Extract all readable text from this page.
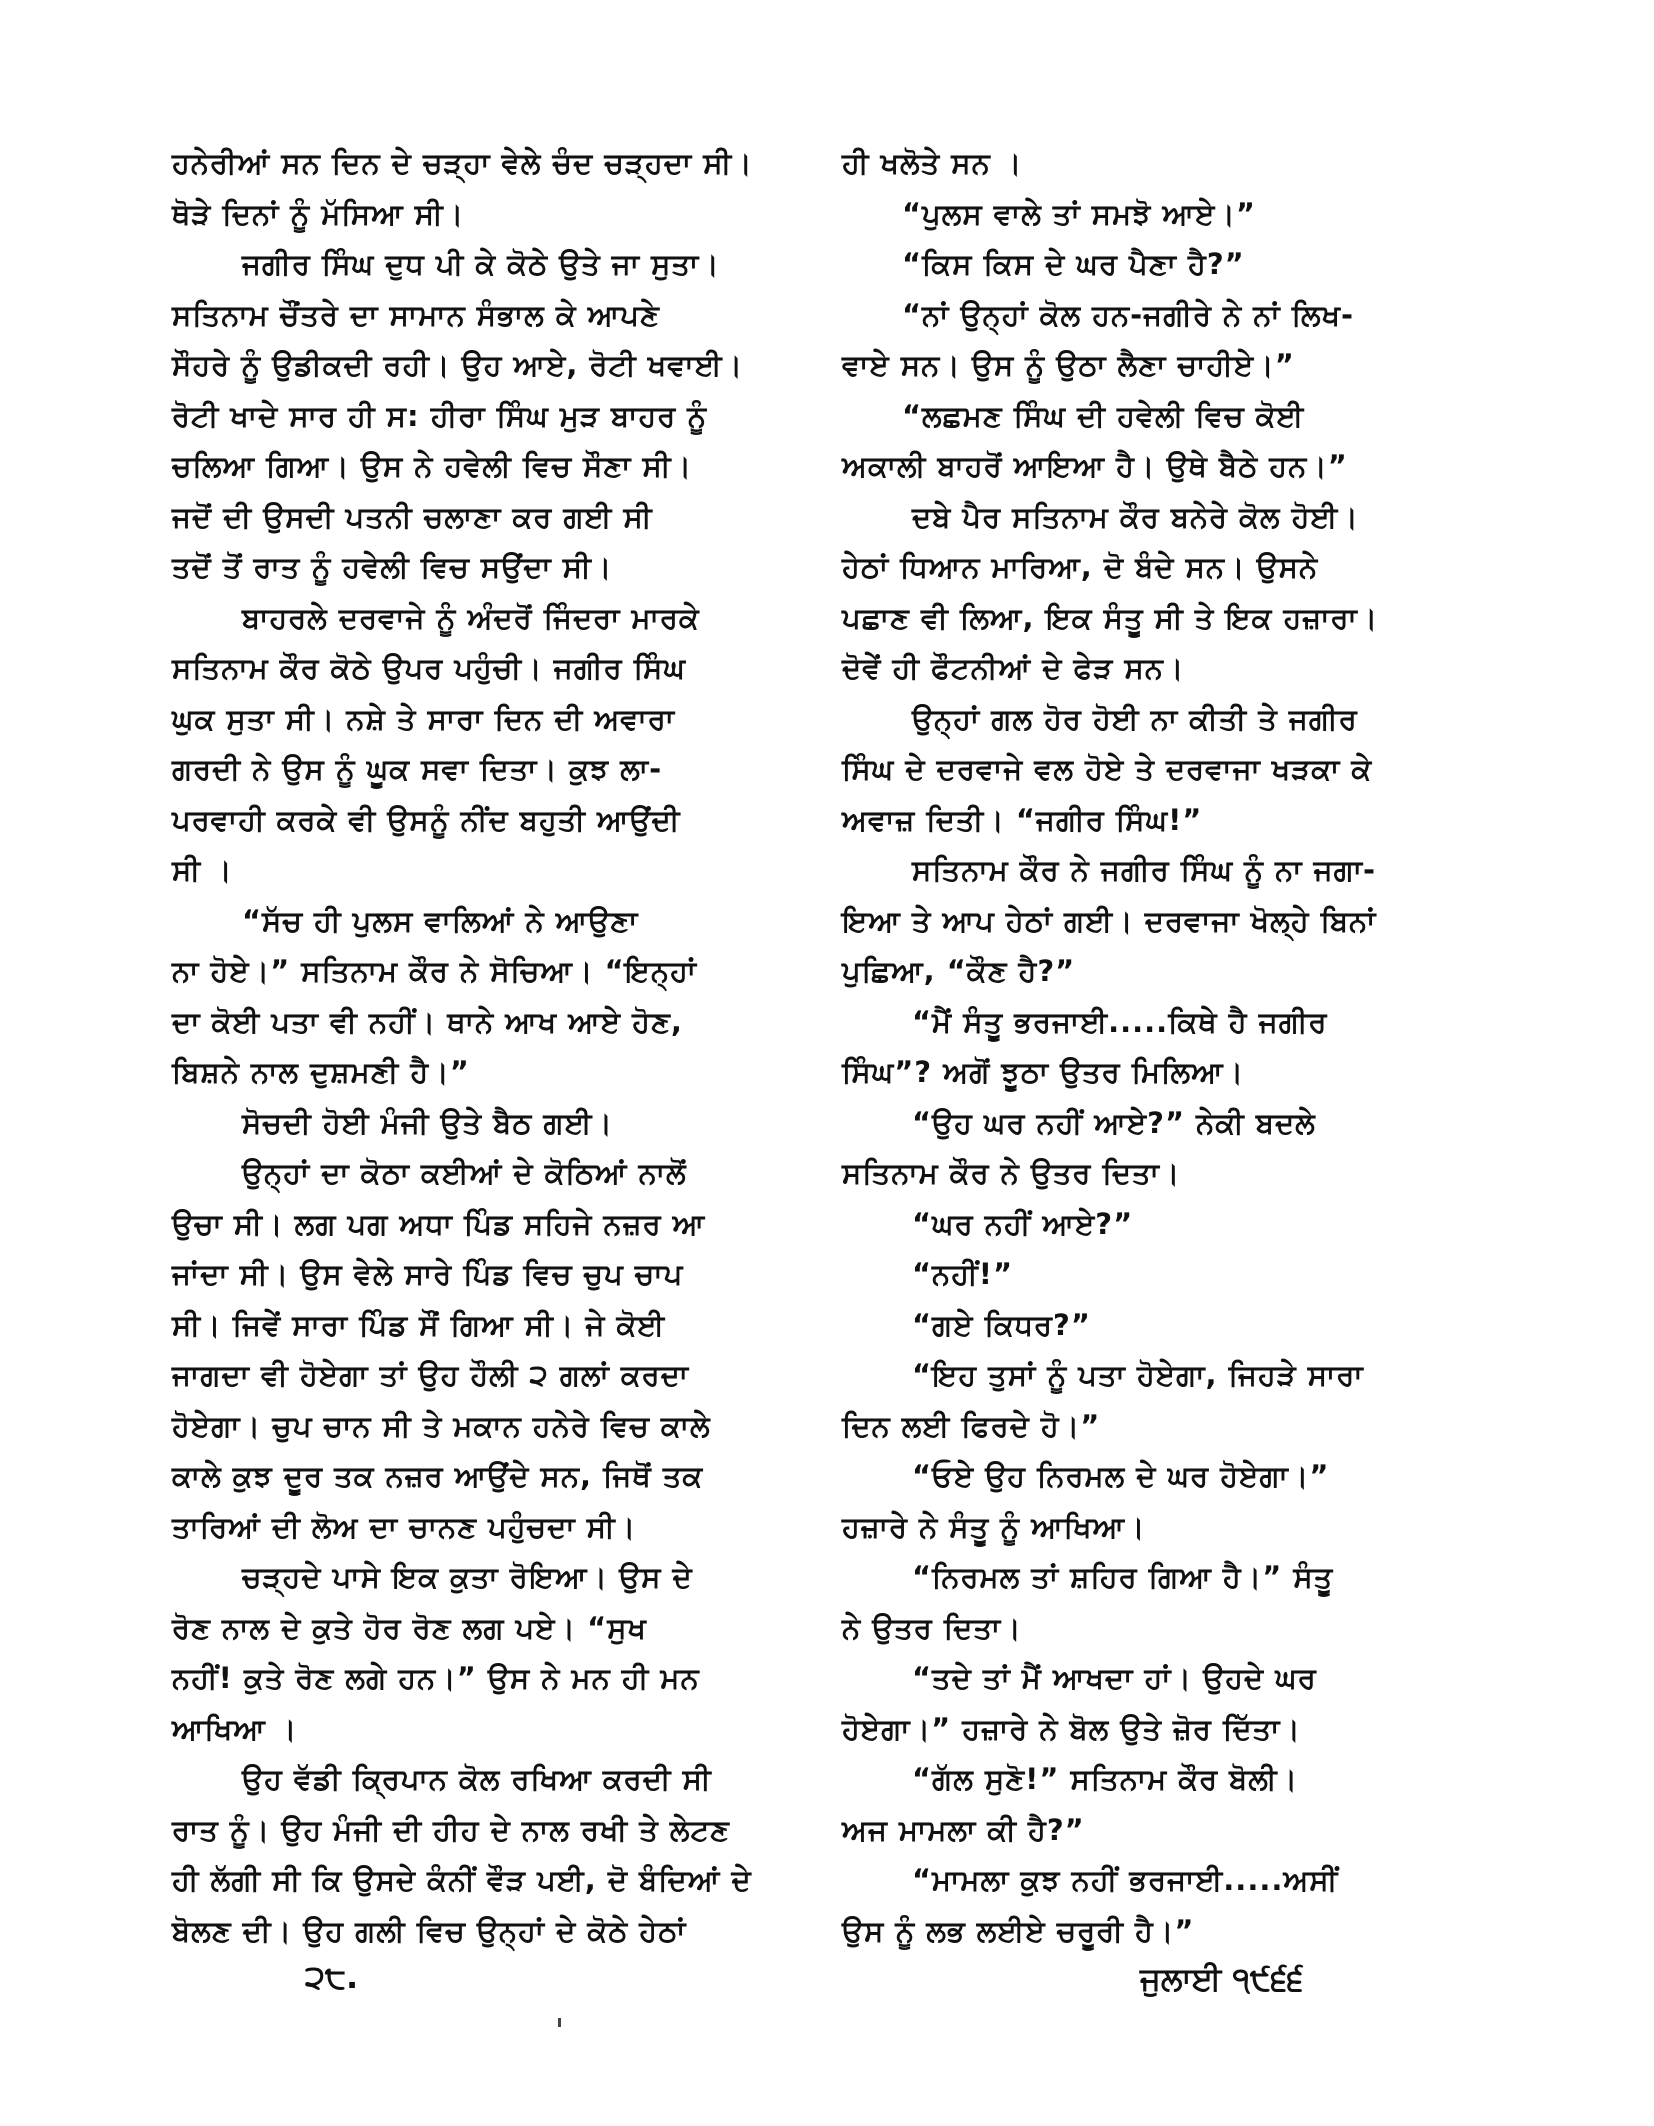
ਹਨੇਰੀਆਂ ਸਨ ਦਿਨ ਦੇ ਚੜ੍ਹਾ ਵੇਲੇ ਚੰਦ ਚੜ੍ਹਦਾ ਸੀ।
ਥੋੜੇ ਦਿਨਾਂ ਨੂੰ ਮੱਸਿਆ ਸੀ।
ਜਗੀਰ ਸਿੰਘ ਦੁਧ ਪੀ ਕੇ ਕੋਠੇ ਉਤੇ ਜਾ ਸੁਤਾ।
ਸਤਿਨਾਮ ਚੌਂਤਰੇ ਦਾ ਸਾਮਾਨ ਸੰਭਾਲ ਕੇ ਆਪਣੇ
ਸੌਹਰੇ ਨੂੰ ਉਡੀਕਦੀ ਰਹੀ। ਉਹ ਆਏ, ਰੋਟੀ ਖਵਾਈ।
ਰੋਟੀ ਖਾਦੇ ਸਾਰ ਹੀ ਸ: ਹੀਰਾ ਸਿੰਘ ਮੁੜ ਬਾਹਰ ਨੂੰ
ਚਲਿਆ ਗਿਆ। ਉਸ ਨੇ ਹਵੇਲੀ ਵਿਚ ਸੌਣਾ ਸੀ।
ਜਦੋਂ ਦੀ ਉਸਦੀ ਪਤਨੀ ਚਲਾਣਾ ਕਰ ਗਈ ਸੀ
ਤਦੋਂ ਤੋਂ ਰਾਤ ਨੂੰ ਹਵੇਲੀ ਵਿਚ ਸਉਂਦਾ ਸੀ।
ਬਾਹਰਲੇ ਦਰਵਾਜੇ ਨੂੰ ਅੰਦਰੋਂ ਜਿੰਦਰਾ ਮਾਰਕੇ
ਸਤਿਨਾਮ ਕੌਰ ਕੋਠੇ ਉਪਰ ਪਹੁੰਚੀ। ਜਗੀਰ ਸਿੰਘ
ਘੁਕ ਸੁਤਾ ਸੀ। ਨਸ਼ੇ ਤੇ ਸਾਰਾ ਦਿਨ ਦੀ ਅਵਾਰਾ
ਗਰਦੀ ਨੇ ਉਸ ਨੂੰ ਘੂਕ ਸਵਾ ਦਿਤਾ। ਕੁਝ ਲਾ-
ਪਰਵਾਹੀ ਕਰਕੇ ਵੀ ਉਸਨੂੰ ਨੀਂਦ ਬਹੁਤੀ ਆਉਂਦੀ
ਸੀ ।
“ਸੱਚ ਹੀ ਪੁਲਸ ਵਾਲਿਆਂ ਨੇ ਆਉਣਾ
ਨਾ ਹੋਏ।” ਸਤਿਨਾਮ ਕੌਰ ਨੇ ਸੋਚਿਆ। “ਇਨ੍ਹਾਂ
ਦਾ ਕੋਈ ਪਤਾ ਵੀ ਨਹੀਂ। ਥਾਨੇ ਆਖ ਆਏ ਹੋਣ,
ਬਿਸ਼ਨੇ ਨਾਲ ਦੁਸ਼ਮਣੀ ਹੈ।”
ਸੋਚਦੀ ਹੋਈ ਮੰਜੀ ਉਤੇ ਬੈਠ ਗਈ।
ਉਨ੍ਹਾਂ ਦਾ ਕੋਠਾ ਕਈਆਂ ਦੇ ਕੋਠਿਆਂ ਨਾਲੋਂ
ਉਚਾ ਸੀ। ਲਗ ਪਗ ਅਧਾ ਪਿੰਡ ਸਹਿਜੇ ਨਜ਼ਰ ਆ
ਜਾਂਦਾ ਸੀ। ਉਸ ਵੇਲੇ ਸਾਰੇ ਪਿੰਡ ਵਿਚ ਚੁਪ ਚਾਪ
ਸੀ। ਜਿਵੇਂ ਸਾਰਾ ਪਿੰਡ ਸੌਂ ਗਿਆ ਸੀ। ਜੇ ਕੋਈ
ਜਾਗਦਾ ਵੀ ਹੋਏਗਾ ਤਾਂ ਉਹ ਹੌਲੀ ੨ ਗਲਾਂ ਕਰਦਾ
ਹੋਏਗਾ। ਚੁਪ ਚਾਨ ਸੀ ਤੇ ਮਕਾਨ ਹਨੇਰੇ ਵਿਚ ਕਾਲੇ
ਕਾਲੇ ਕੁਝ ਦੂਰ ਤਕ ਨਜ਼ਰ ਆਉਂਦੇ ਸਨ, ਜਿਥੋਂ ਤਕ
ਤਾਰਿਆਂ ਦੀ ਲੋਅ ਦਾ ਚਾਨਣ ਪਹੁੰਚਦਾ ਸੀ।
ਚੜ੍ਹਦੇ ਪਾਸੇ ਇਕ ਕੁਤਾ ਰੋਇਆ। ਉਸ ਦੇ
ਰੋਣ ਨਾਲ ਦੇ ਕੁਤੇ ਹੋਰ ਰੋਣ ਲਗ ਪਏ। “ਸੁਖ
ਨਹੀਂ! ਕੁਤੇ ਰੋਣ ਲਗੇ ਹਨ।” ਉਸ ਨੇ ਮਨ ਹੀ ਮਨ
ਆਖਿਆ ।
ਉਹ ਵੱਡੀ ਕ੍ਰਿਪਾਨ ਕੋਲ ਰਖਿਆ ਕਰਦੀ ਸੀ
ਰਾਤ ਨੂੰ। ਉਹ ਮੰਜੀ ਦੀ ਹੀਹ ਦੇ ਨਾਲ ਰਖੀ ਤੇ ਲੇਟਣ
ਹੀ ਲੱਗੀ ਸੀ ਕਿ ਉਸਦੇ ਕੰਨੀਂ ਵੌੜ ਪਈ, ਦੋ ਬੰਦਿਆਂ ਦੇ
ਬੋਲਣ ਦੀ। ਉਹ ਗਲੀ ਵਿਚ ਉਨ੍ਹਾਂ ਦੇ ਕੋਠੇ ਹੇਠਾਂ
ਹੀ ਖਲੋਤੇ ਸਨ ।
“ਪੁਲਸ ਵਾਲੇ ਤਾਂ ਸਮਝੋ ਆਏ।”
“ਕਿਸ ਕਿਸ ਦੇ ਘਰ ਪੈਣਾ ਹੈ?”
“ਨਾਂ ਉਨ੍ਹਾਂ ਕੋਲ ਹਨ-ਜਗੀਰੇ ਨੇ ਨਾਂ ਲਿਖ-
ਵਾਏ ਸਨ। ਉਸ ਨੂੰ ਉਠਾ ਲੈਣਾ ਚਾਹੀਏ।”
“ਲਛਮਣ ਸਿੰਘ ਦੀ ਹਵੇਲੀ ਵਿਚ ਕੋਈ
ਅਕਾਲੀ ਬਾਹਰੋਂ ਆਇਆ ਹੈ। ਉਥੇ ਬੈਠੇ ਹਨ।”
ਦਬੇ ਪੈਰ ਸਤਿਨਾਮ ਕੌਰ ਬਨੇਰੇ ਕੋਲ ਹੋਈ।
ਹੇਠਾਂ ਧਿਆਨ ਮਾਰਿਆ, ਦੋ ਬੰਦੇ ਸਨ। ਉਸਨੇ
ਪਛਾਣ ਵੀ ਲਿਆ, ਇਕ ਸੰਤੂ ਸੀ ਤੇ ਇਕ ਹਜ਼ਾਰਾ।
ਦੋਵੇਂ ਹੀ ਫੌਟਨੀਆਂ ਦੇ ਫੇੜ ਸਨ।
ਉਨ੍ਹਾਂ ਗਲ ਹੋਰ ਹੋਈ ਨਾ ਕੀਤੀ ਤੇ ਜਗੀਰ
ਸਿੰਘ ਦੇ ਦਰਵਾਜੇ ਵਲ ਹੋਏ ਤੇ ਦਰਵਾਜਾ ਖੜਕਾ ਕੇ
ਅਵਾਜ਼ ਦਿਤੀ। “ਜਗੀਰ ਸਿੰਘ!”
ਸਤਿਨਾਮ ਕੌਰ ਨੇ ਜਗੀਰ ਸਿੰਘ ਨੂੰ ਨਾ ਜਗਾ-
ਇਆ ਤੇ ਆਪ ਹੇਠਾਂ ਗਈ। ਦਰਵਾਜਾ ਖੋਲ੍ਹੇ ਬਿਨਾਂ
ਪੁਛਿਆ, “ਕੌਣ ਹੈ?”
“ਮੈਂ ਸੰਤੂ ਭਰਜਾਈ.....ਕਿਥੇ ਹੈ ਜਗੀਰ
ਸਿੰਘ”? ਅਗੋਂ ਝੂਠਾ ਉਤਰ ਮਿਲਿਆ।
“ਉਹ ਘਰ ਨਹੀਂ ਆਏ?” ਨੇਕੀ ਬਦਲੇ
ਸਤਿਨਾਮ ਕੌਰ ਨੇ ਉਤਰ ਦਿਤਾ।
“ਘਰ ਨਹੀਂ ਆਏ?”
“ਨਹੀਂ!”
“ਗਏ ਕਿਧਰ?”
“ਇਹ ਤੁਸਾਂ ਨੂੰ ਪਤਾ ਹੋਏਗਾ, ਜਿਹੜੇ ਸਾਰਾ
ਦਿਨ ਲਈ ਫਿਰਦੇ ਹੋ।”
“ਓਏ ਉਹ ਨਿਰਮਲ ਦੇ ਘਰ ਹੋਏਗਾ।”
ਹਜ਼ਾਰੇ ਨੇ ਸੰਤੂ ਨੂੰ ਆਖਿਆ।
“ਨਿਰਮਲ ਤਾਂ ਸ਼ਹਿਰ ਗਿਆ ਹੈ।” ਸੰਤੂ
ਨੇ ਉਤਰ ਦਿਤਾ।
“ਤਦੇ ਤਾਂ ਮੈਂ ਆਖਦਾ ਹਾਂ। ਉਹਦੇ ਘਰ
ਹੋਏਗਾ।” ਹਜ਼ਾਰੇ ਨੇ ਬੋਲ ਉਤੇ ਜ਼ੋਰ ਦਿੱਤਾ।
“ਗੱਲ ਸੁਣੋ!” ਸਤਿਨਾਮ ਕੌਰ ਬੋਲੀ।
ਅਜ ਮਾਮਲਾ ਕੀ ਹੈ?”
“ਮਾਮਲਾ ਕੁਝ ਨਹੀਂ ਭਰਜਾਈ.....ਅਸੀਂ
ਉਸ ਨੂੰ ਲਭ ਲਈਏ ਚਰੂਰੀ ਹੈ।”
੨੮.	ਜੁਲਾਈ ੧੯੬੬
